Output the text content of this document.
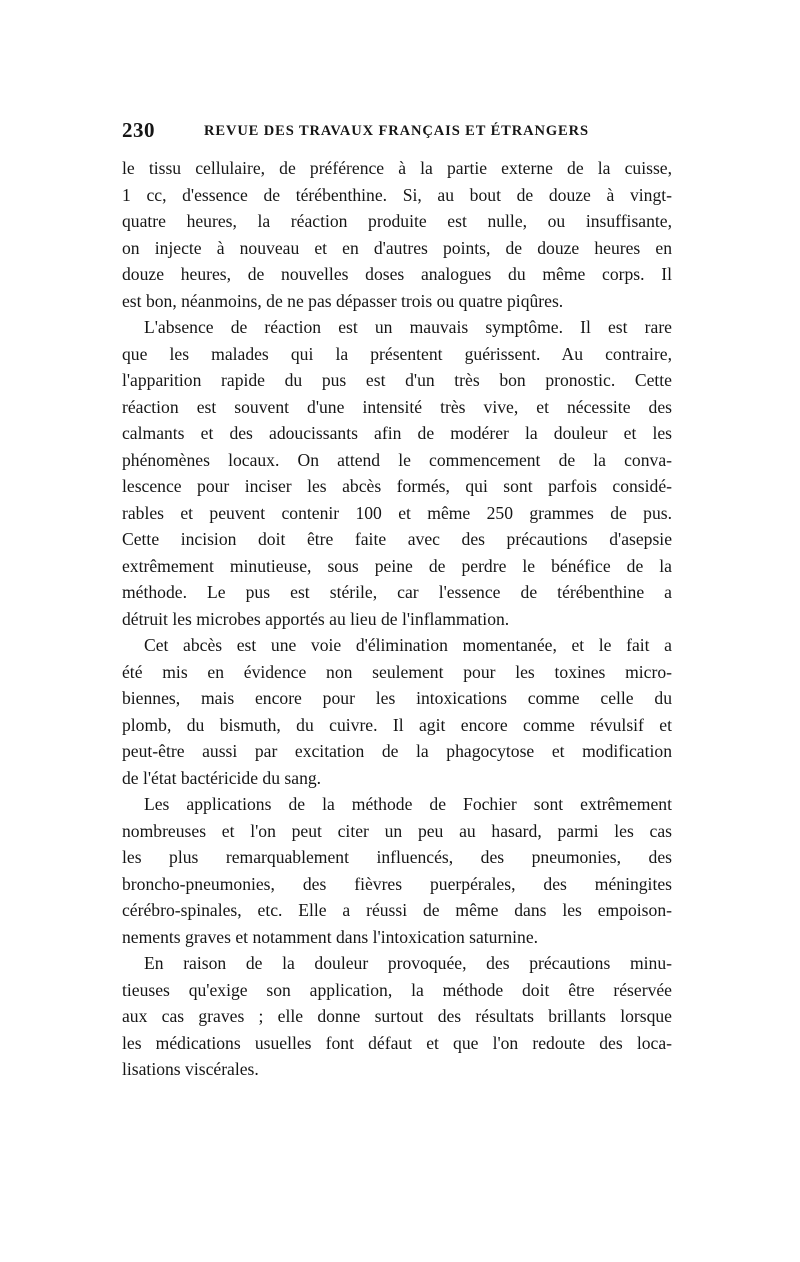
230	REVUE DES TRAVAUX FRANÇAIS ET ÉTRANGERS
le tissu cellulaire, de préférence à la partie externe de la cuisse,
1 cc, d'essence de térébenthine. Si, au bout de douze à vingt-
quatre heures, la réaction produite est nulle, ou insuffisante,
on injecte à nouveau et en d'autres points, de douze heures en
douze heures, de nouvelles doses analogues du même corps. Il
est bon, néanmoins, de ne pas dépasser trois ou quatre piqûres.
L'absence de réaction est un mauvais symptôme. Il est rare
que les malades qui la présentent guérissent. Au contraire,
l'apparition rapide du pus est d'un très bon pronostic. Cette
réaction est souvent d'une intensité très vive, et nécessite des
calmants et des adoucissants afin de modérer la douleur et les
phénomènes locaux. On attend le commencement de la conva-
lescence pour inciser les abcès formés, qui sont parfois considé-
rables et peuvent contenir 100 et même 250 grammes de pus.
Cette incision doit être faite avec des précautions d'asepsie
extrêmement minutieuse, sous peine de perdre le bénéfice de la
méthode. Le pus est stérile, car l'essence de térébenthine a
détruit les microbes apportés au lieu de l'inflammation.
Cet abcès est une voie d'élimination momentanée, et le fait a
été mis en évidence non seulement pour les toxines micro-
biennes, mais encore pour les intoxications comme celle du
plomb, du bismuth, du cuivre. Il agit encore comme révulsif et
peut-être aussi par excitation de la phagocytose et modification
de l'état bactéricide du sang.
Les applications de la méthode de Fochier sont extrêmement
nombreuses et l'on peut citer un peu au hasard, parmi les cas
les plus remarquablement influencés, des pneumonies, des
broncho-pneumonies, des fièvres puerpérales, des méningites
cérébro-spinales, etc. Elle a réussi de même dans les empoison-
nements graves et notamment dans l'intoxication saturnine.
En raison de la douleur provoquée, des précautions minu-
tieuses qu'exige son application, la méthode doit être réservée
aux cas graves ; elle donne surtout des résultats brillants lorsque
les médications usuelles font défaut et que l'on redoute des loca-
lisations viscérales.
